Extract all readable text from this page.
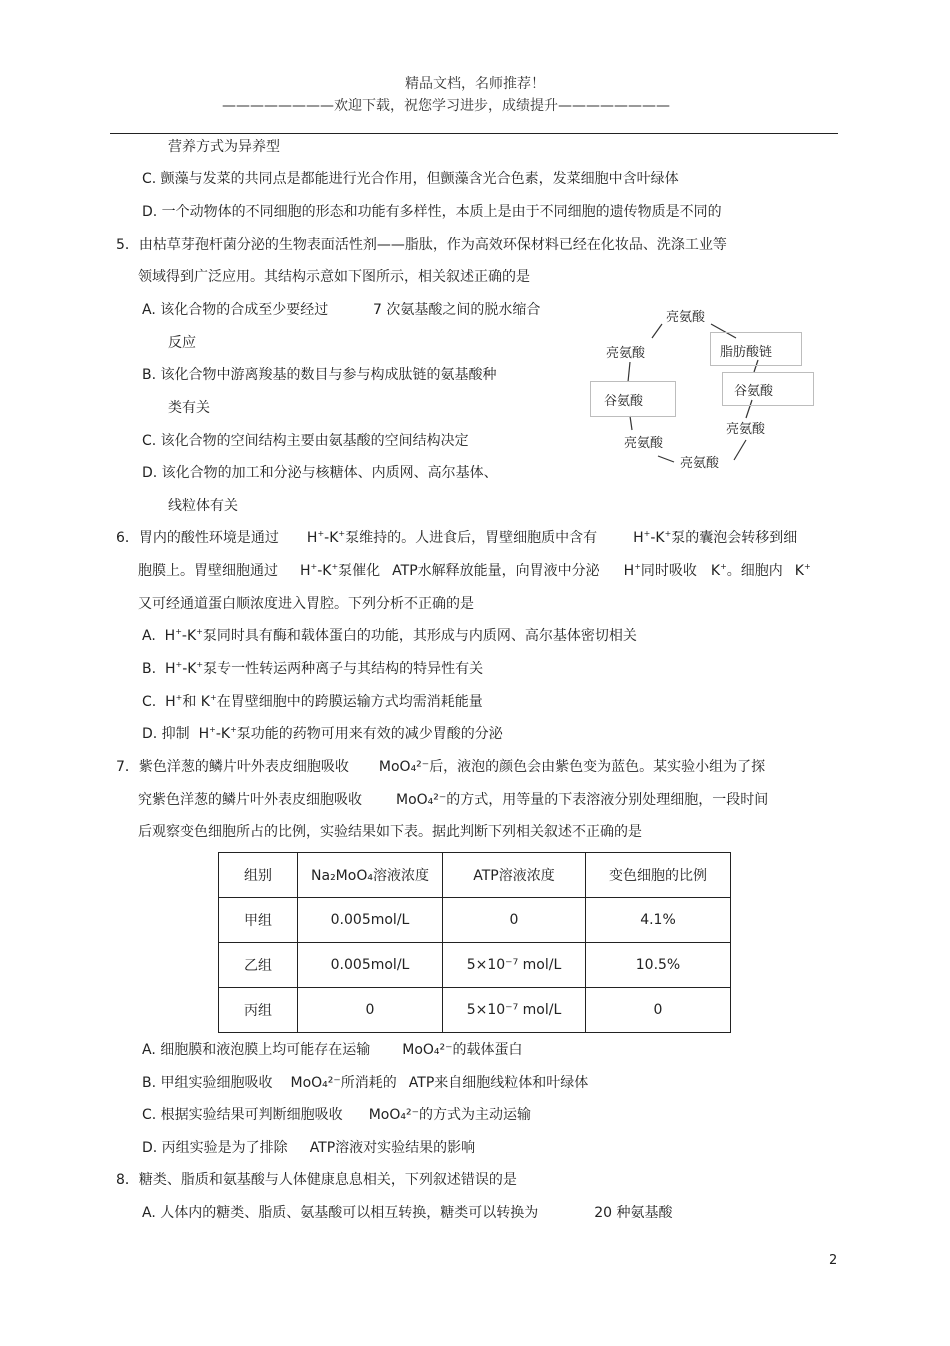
精品文档，名师推荐！
————————欢迎下载，祝您学习进步，成绩提升————————
营养方式为异养型
C. 颤藻与发菜的共同点是都能进行光合作用，但颤藻含光合色素，发菜细胞中含叶绿体
D. 一个动物体的不同细胞的形态和功能有多样性，本质上是由于不同细胞的遗传物质是不同的
5．由枯草芽孢杆菌分泌的生物表面活性剂——脂肽，作为高效环保材料已经在化妆品、洗涤工业等
领域得到广泛应用。其结构示意如下图所示，相关叙述正确的是
A. 该化合物的合成至少要经过	7 次氨基酸之间的脱水缩合
反应
B. 该化合物中游离羧基的数目与参与构成肽链的氨基酸种
类有关
C. 该化合物的空间结构主要由氨基酸的空间结构决定
D. 该化合物的加工和分泌与核糖体、内质网、高尔基体、
线粒体有关
亮氨酸
亮氨酸	脂肪酸链
谷氨酸
谷氨酸
亮氨酸
亮氨酸
亮氨酸
6．胃内的酸性环境是通过 H+-K+泵维持的。人进食后，胃壁细胞质中含有	H+-K+泵的囊泡会转移到细
胞膜上。胃壁细胞通过 H+-K+泵催化 ATP水解释放能量，向胃液中分泌 H+同时吸收 K+。细胞内 K+
又可经通道蛋白顺浓度进入胃腔。下列分析不正确的是
A.  H+-K+泵同时具有酶和载体蛋白的功能，其形成与内质网、高尔基体密切相关
B.  H+-K+泵专一性转运两种离子与其结构的特异性有关
C.  H+和 K+在胃壁细胞中的跨膜运输方式均需消耗能量
D. 抑制  H+-K+泵功能的药物可用来有效的减少胃酸的分泌
7．紫色洋葱的鳞片叶外表皮细胞吸收 MoO₄²⁻后，液泡的颜色会由紫色变为蓝色。某实验小组为了探
究紫色洋葱的鳞片叶外表皮细胞吸收 MoO₄²⁻的方式，用等量的下表溶液分别处理细胞，一段时间
后观察变色细胞所占的比例，实验结果如下表。据此判断下列相关叙述不正确的是
组别	Na₂MoO₄溶液浓度	ATP溶液浓度	变色细胞的比例
甲组	0.005mol/L	0	4.1%
乙组	0.005mol/L	5×10⁻⁷ mol/L	10.5%
丙组	0	5×10⁻⁷ mol/L	0
A. 细胞膜和液泡膜上均可能存在运输 MoO₄²⁻的载体蛋白
B. 甲组实验细胞吸收 MoO₄²⁻所消耗的 ATP来自细胞线粒体和叶绿体
C. 根据实验结果可判断细胞吸收 MoO₄²⁻的方式为主动运输
D. 丙组实验是为了排除 ATP溶液对实验结果的影响
8．糖类、脂质和氨基酸与人体健康息息相关，下列叙述错误的是
A. 人体内的糖类、脂质、氨基酸可以相互转换，糖类可以转换为	20 种氨基酸
2
